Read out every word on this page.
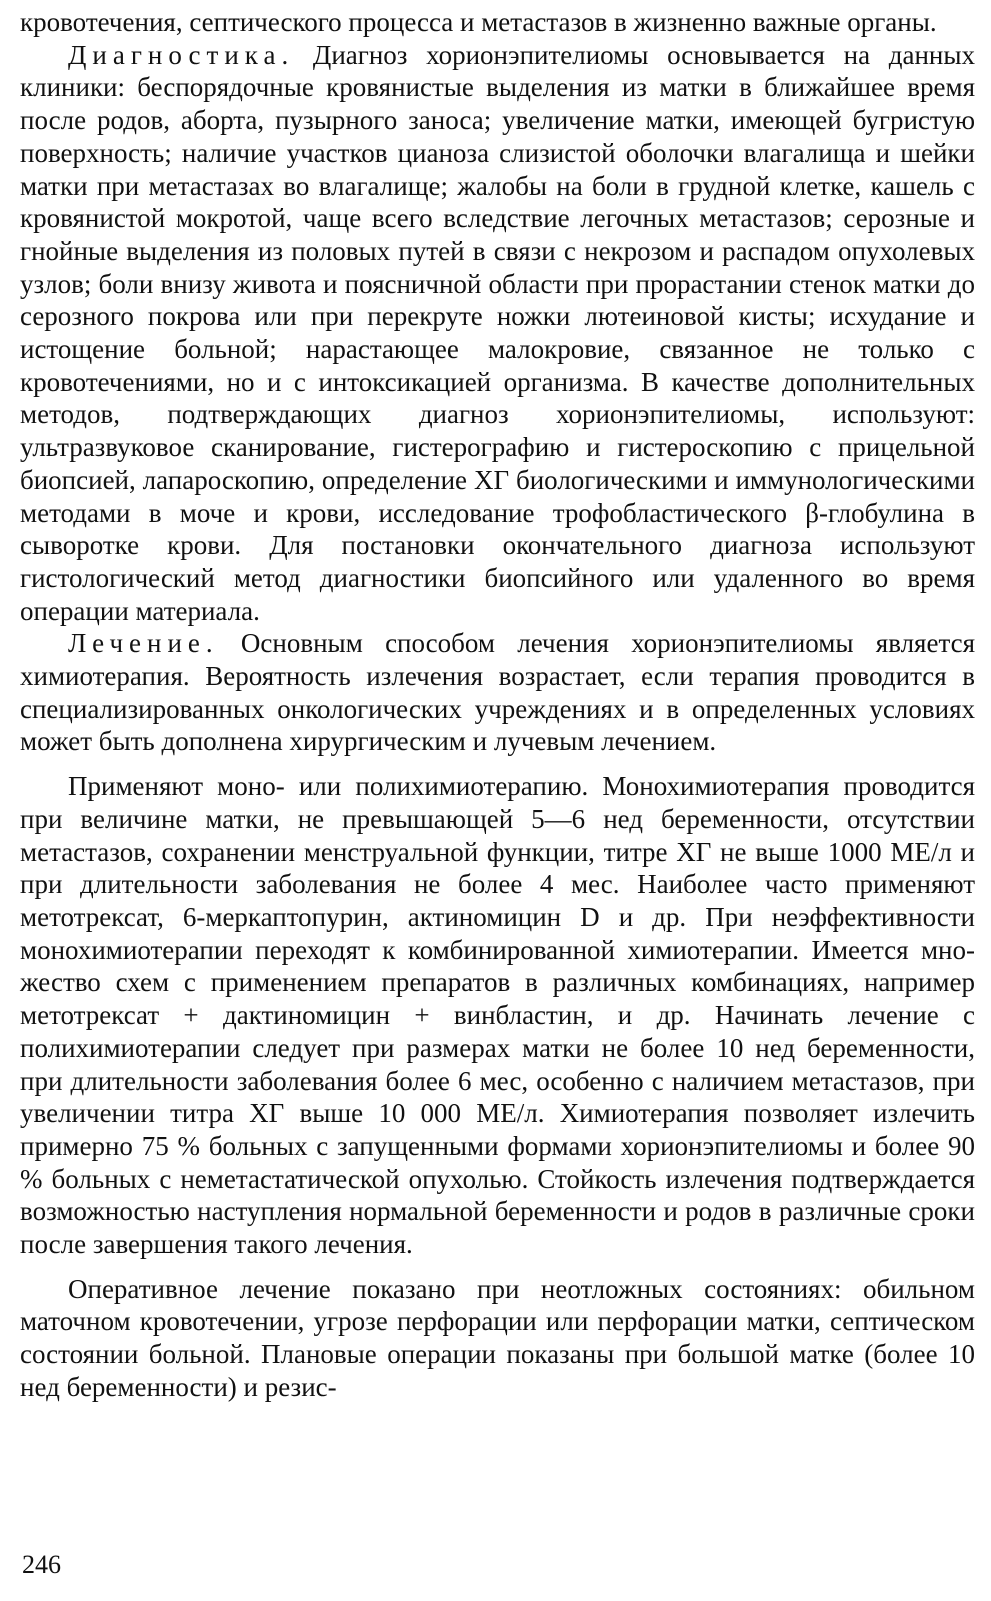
кровотечения, септического процесса и метастазов в жизненно важные органы.

Диагностика. Диагноз хорионэпителиомы основывается на данных клиники: беспорядочные кровянистые выделения из матки в ближайшее время после родов, аборта, пузырного заноса; увеличение матки, имеющей бугристую поверхность; наличие участков цианоза слизистой оболочки влагалища и шейки матки при метастазах во влагалище; жалобы на боли в грудной клетке, кашель с кровянистой мокротой, чаще всего вследствие легочных метастазов; серозные и гнойные выделения из половых путей в связи с некрозом и распадом опухолевых узлов; боли внизу живота и поясничной области при прорастании стенок матки до серозного покрова или при перекруте ножки лютеиновой кисты; исхудание и истощение больной; нарастающее малокровие, связанное не только с кровотечениями, но и с интоксикацией организма. В качестве дополнительных методов, подтверждающих диагноз хорионэпителиомы, используют: ультразвуковое сканирование, гистерографию и гистероскопию с прицельной биопсией, лапароскопию, определение ХГ биологическими и иммунологическими методами в моче и крови, исследование трофобластического β-глобулина в сыворотке крови. Для постановки окончательного диагноза используют гистологический метод диагностики биопсийного или удаленного во время операции материала.

Лечение. Основным способом лечения хорионэпителиомы является химиотерапия. Вероятность излечения возрастает, если терапия проводится в специализированных онкологических учреждениях и в определенных условиях может быть дополнена хирургическим и лучевым лечением.

Применяют моно- или полихимиотерапию. Монохимиотерапия проводится при величине матки, не превышающей 5—6 нед беременности, отсутствии метастазов, сохранении менструальной функции, титре ХГ не выше 1000 МЕ/л и при длительности заболевания не более 4 мес. Наиболее часто применяют метотрексат, 6-меркаптопурин, актиномицин D и др. При неэффективности монохимиотерапии переходят к комбинированной химиотерапии. Имеется множество схем с применением препаратов в различных комбинациях, например метотрексат + дактиномицин + винбластин, и др. Начинать лечение с полихимиотерапии следует при размерах матки не более 10 нед беременности, при длительности заболевания более 6 мес, особенно с наличием метастазов, при увеличении титра ХГ выше 10 000 МЕ/л. Химиотерапия позволяет излечить примерно 75 % больных с запущенными формами хорионэпителиомы и более 90 % больных с неметастатической опухолью. Стойкость излечения подтверждается возможностью наступления нормальной беременности и родов в различные сроки после завершения такого лечения.

Оперативное лечение показано при неотложных состояниях: обильном маточном кровотечении, угрозе перфорации или перфорации матки, септическом состоянии больной. Плановые операции показаны при большой матке (более 10 нед беременности) и резис-

246
